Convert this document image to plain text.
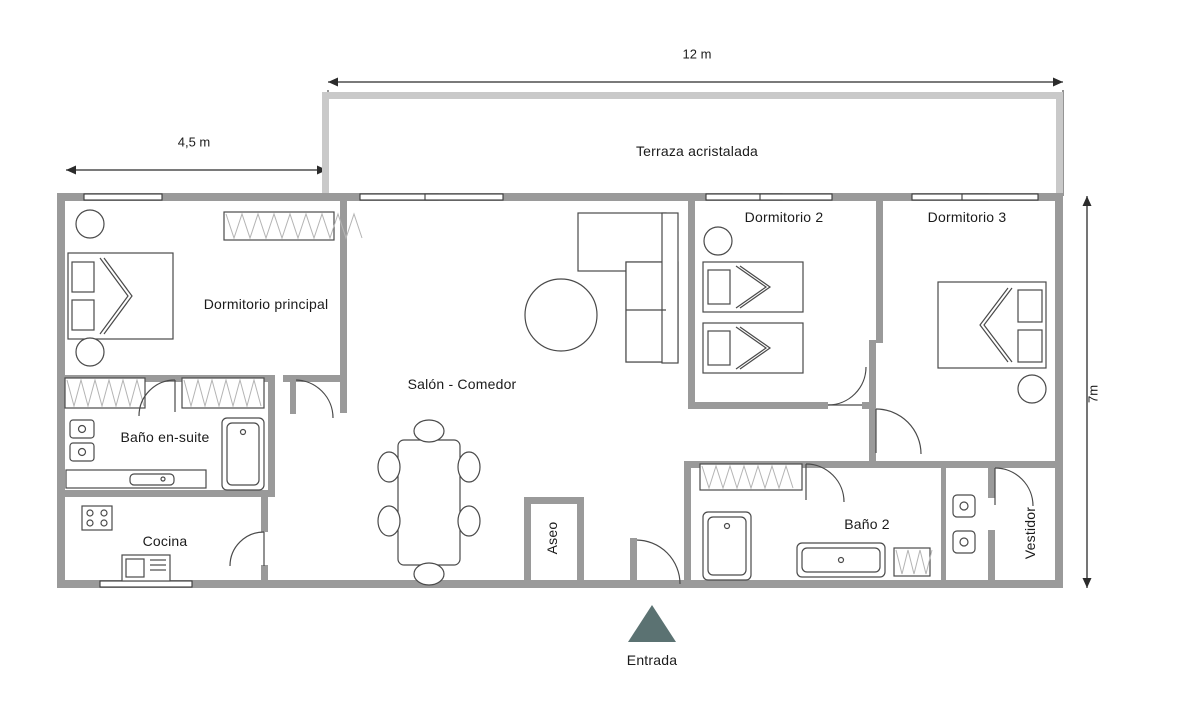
12 m
4,5 m
7m
Terraza acristalada
Dormitorio principal
Dormitorio 2	Dormitorio 3
Salón - Comedor
Baño en-suite
Cocina	Aseo	Baño 2	Vestidor
Entrada
